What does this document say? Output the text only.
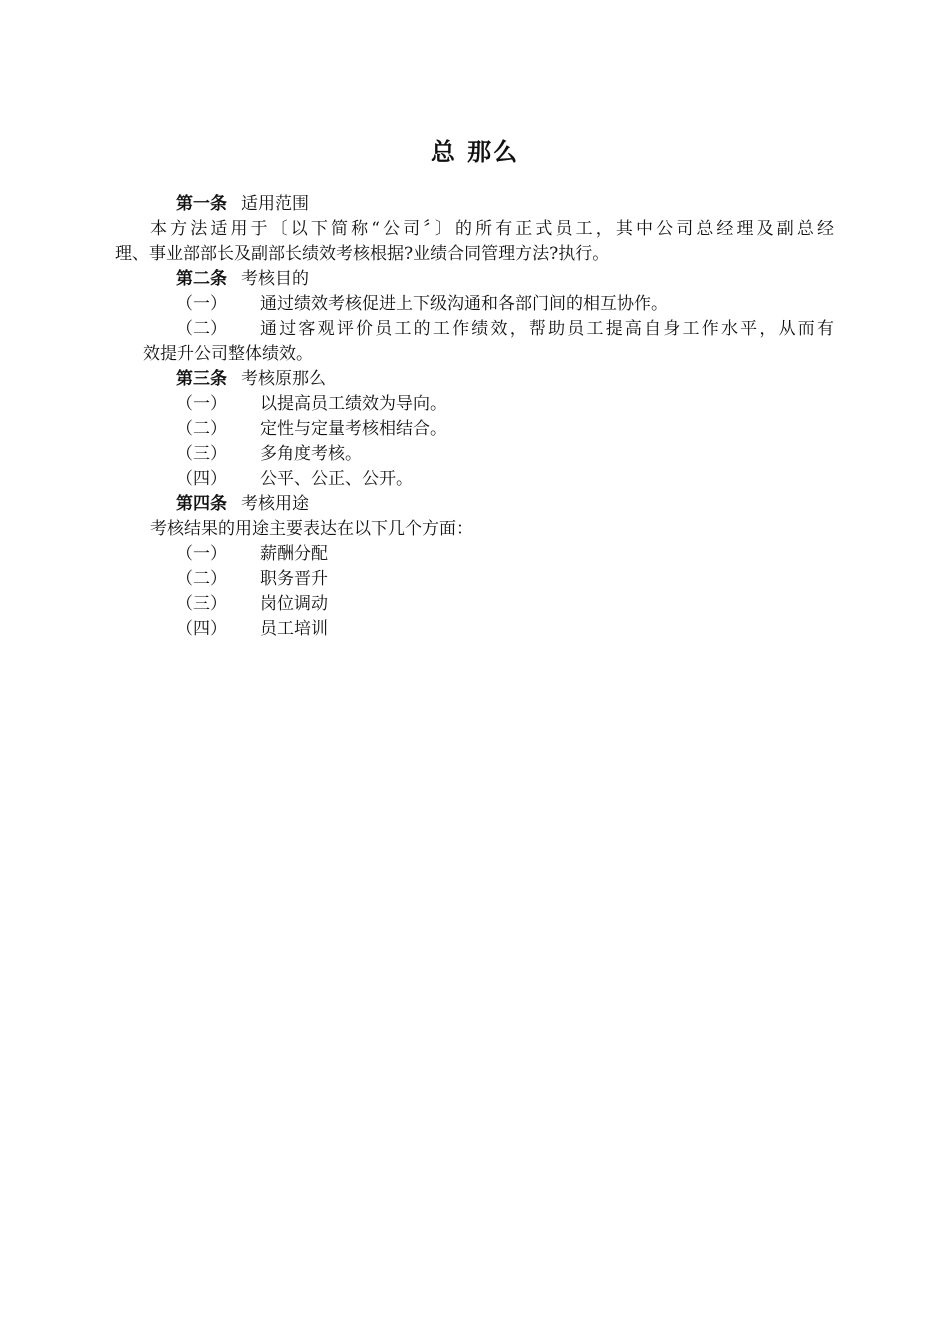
总 那么
第一条 适用范围
本方法适用于〔以下简称“公司〞〕的所有正式员工，其中公司总经理及副总经
理、事业部部长及副部长绩效考核根据?业绩合同管理方法?执行。
第二条 考核目的
（一） 通过绩效考核促进上下级沟通和各部门间的相互协作。
（二）	通过客观评价员工的工作绩效，帮助员工提高自身工作水平，从而有
效提升公司整体绩效。
第三条 考核原那么
（一） 以提高员工绩效为导向。
（二） 定性与定量考核相结合。
（三） 多角度考核。
（四） 公平、公正、公开。
第四条 考核用途
考核结果的用途主要表达在以下几个方面：
（一） 薪酬分配
（二） 职务晋升
（三） 岗位调动
（四） 员工培训
